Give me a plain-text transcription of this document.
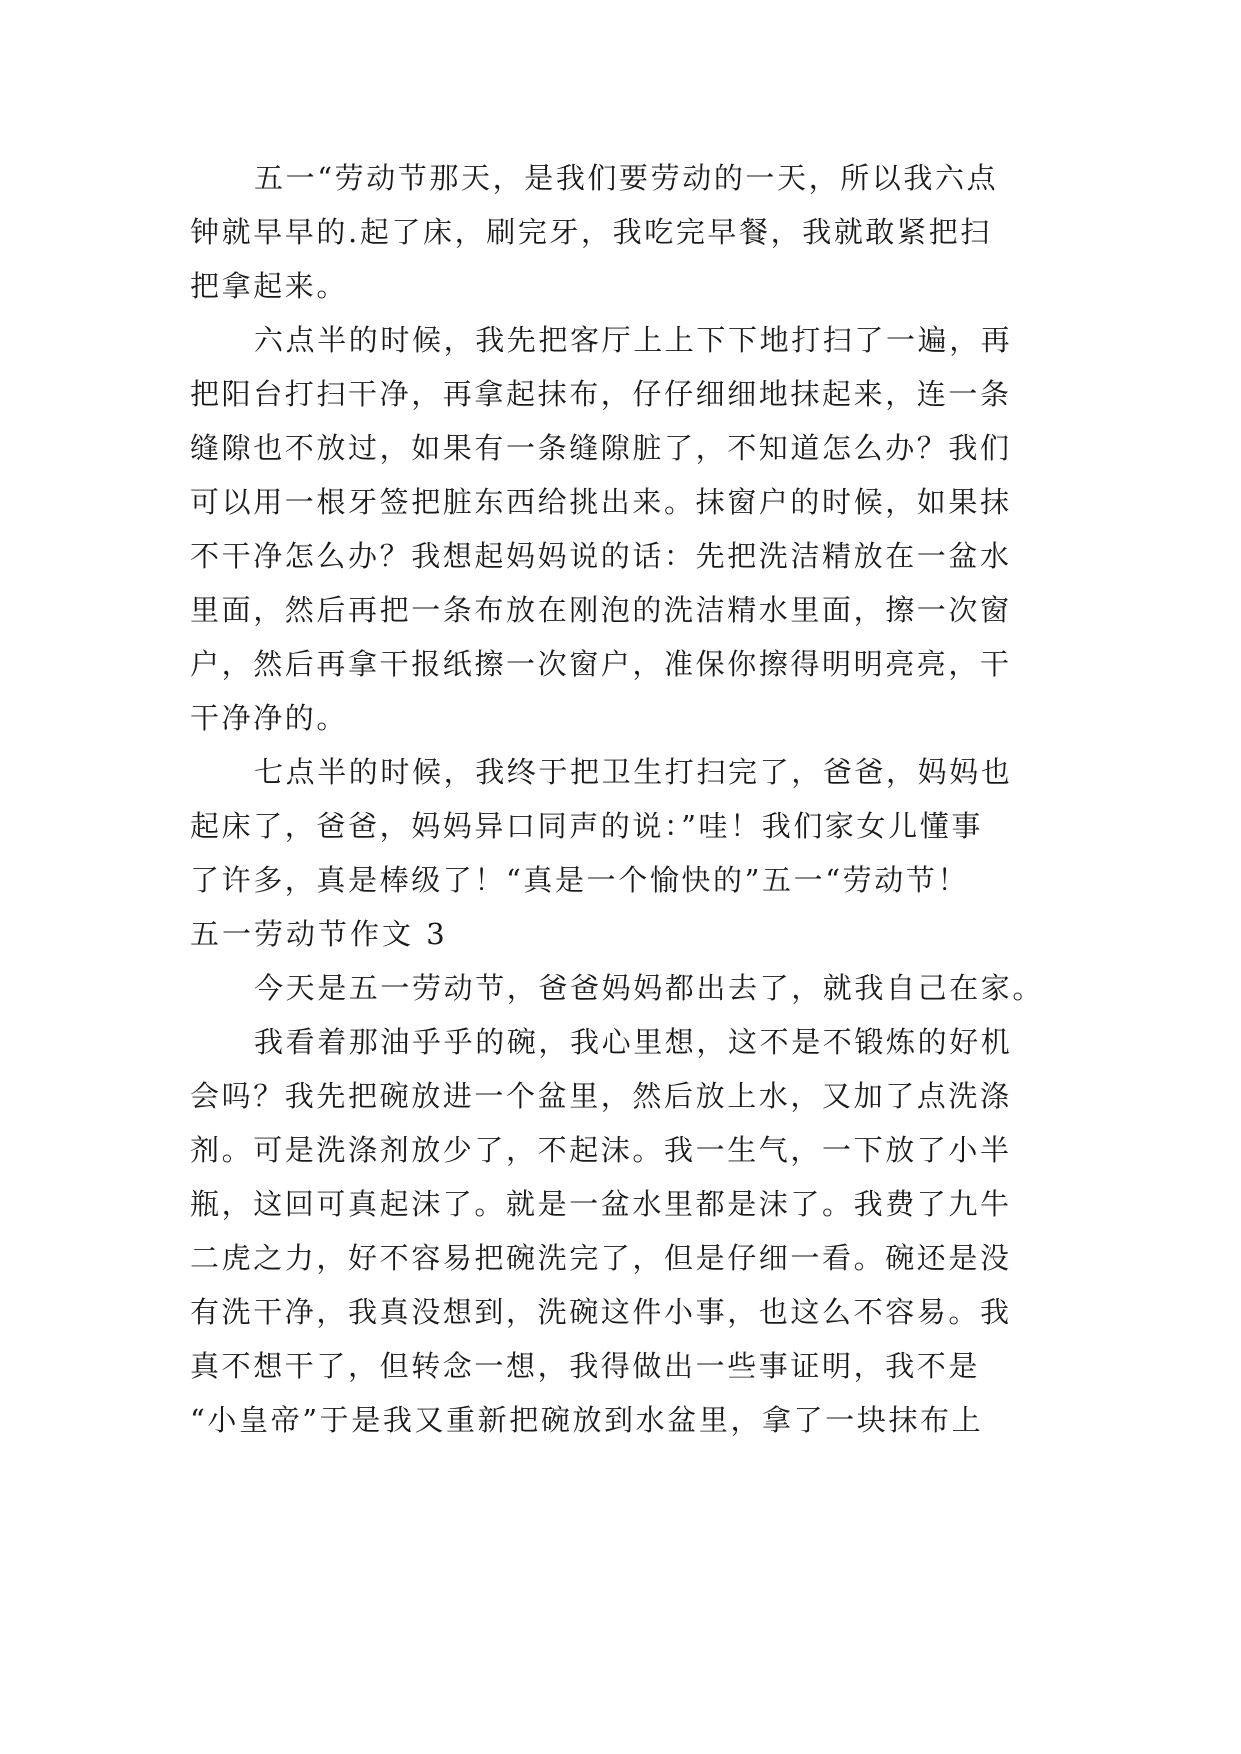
五一“劳动节那天，是我们要劳动的一天，所以我六点
钟就早早的.起了床，刷完牙，我吃完早餐，我就敢紧把扫
把拿起来。
六点半的时候，我先把客厅上上下下地打扫了一遍，再
把阳台打扫干净，再拿起抹布，仔仔细细地抹起来，连一条
缝隙也不放过，如果有一条缝隙脏了，不知道怎么办？我们
可以用一根牙签把脏东西给挑出来。抹窗户的时候，如果抹
不干净怎么办？我想起妈妈说的话：先把洗洁精放在一盆水
里面，然后再把一条布放在刚泡的洗洁精水里面，擦一次窗
户，然后再拿干报纸擦一次窗户，准保你擦得明明亮亮，干
干净净的。
七点半的时候，我终于把卫生打扫完了，爸爸，妈妈也
起床了，爸爸，妈妈异口同声的说：”哇！我们家女儿懂事
了许多，真是棒级了！“真是一个愉快的”五一“劳动节！
五一劳动节作文 3
今天是五一劳动节，爸爸妈妈都出去了，就我自己在家。
我看着那油乎乎的碗，我心里想，这不是不锻炼的好机
会吗？我先把碗放进一个盆里，然后放上水，又加了点洗涤
剂。可是洗涤剂放少了，不起沫。我一生气，一下放了小半
瓶，这回可真起沫了。就是一盆水里都是沫了。我费了九牛
二虎之力，好不容易把碗洗完了，但是仔细一看。碗还是没
有洗干净，我真没想到，洗碗这件小事，也这么不容易。我
真不想干了，但转念一想，我得做出一些事证明，我不是
“小皇帝”于是我又重新把碗放到水盆里，拿了一块抹布上
